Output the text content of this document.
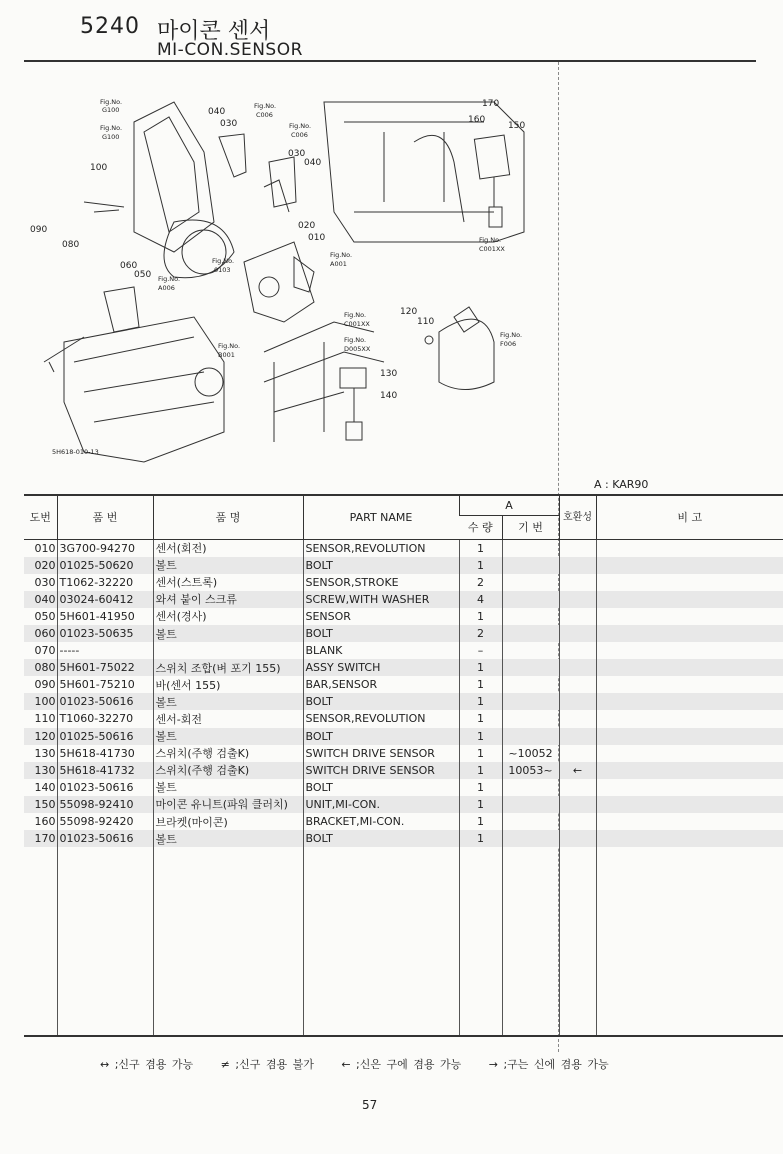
5240 마이콘 센서
MI-CON.SENSOR
170
160
150
040
030
030
040
100
090
080
020
010
060
050
120
110
130
140
Fig.No.
G100
Fig.No.
G100
Fig.No.
C006
Fig.No.
C006
Fig.No.
C001XX
Fig.No.
A001
Fig.No.
0103
Fig.No.
A006
Fig.No.
C001XX
Fig.No.
D005XX
Fig.No.
F006
Fig.No.
B001
5H618-010-13
A : KAR90
도번	품 번	품 명	PART NAME	A		호환성	비 고
				수 량	기 번		
010	3G700-94270	센서(회전)	SENSOR,REVOLUTION	1			
020	01025-50620	볼트	BOLT	1			
030	T1062-32220	센서(스트록)	SENSOR,STROKE	2			
040	03024-60412	와셔 붙이 스크류	SCREW,WITH WASHER	4			
050	5H601-41950	센서(경사)	SENSOR	1			
060	01023-50635	볼트	BOLT	2			
070	-----		BLANK	–			
080	5H601-75022	스위치 조합(벼 포기 155)	ASSY SWITCH	1			
090	5H601-75210	바(센서 155)	BAR,SENSOR	1			
100	01023-50616	볼트	BOLT	1			
110	T1060-32270	센서-회전	SENSOR,REVOLUTION	1			
120	01025-50616	볼트	BOLT	1			
130	5H618-41730	스위치(주행 검출K)	SWITCH DRIVE SENSOR	1	~10052		
130	5H618-41732	스위치(주행 검출K)	SWITCH DRIVE SENSOR	1	10053~	←	
140	01023-50616	볼트	BOLT	1			
150	55098-92410	마이콘 유니트(파워 클러치)	UNIT,MI-CON.	1			
160	55098-92420	브라켓(마이콘)	BRACKET,MI-CON.	1			
170	01023-50616	볼트	BOLT	1			

↔ ;신구 겸용 가능	≠ ;신구 겸용 불가	← ;신은 구에 겸용 가능	→ ;구는 신에 겸용 가능
57
